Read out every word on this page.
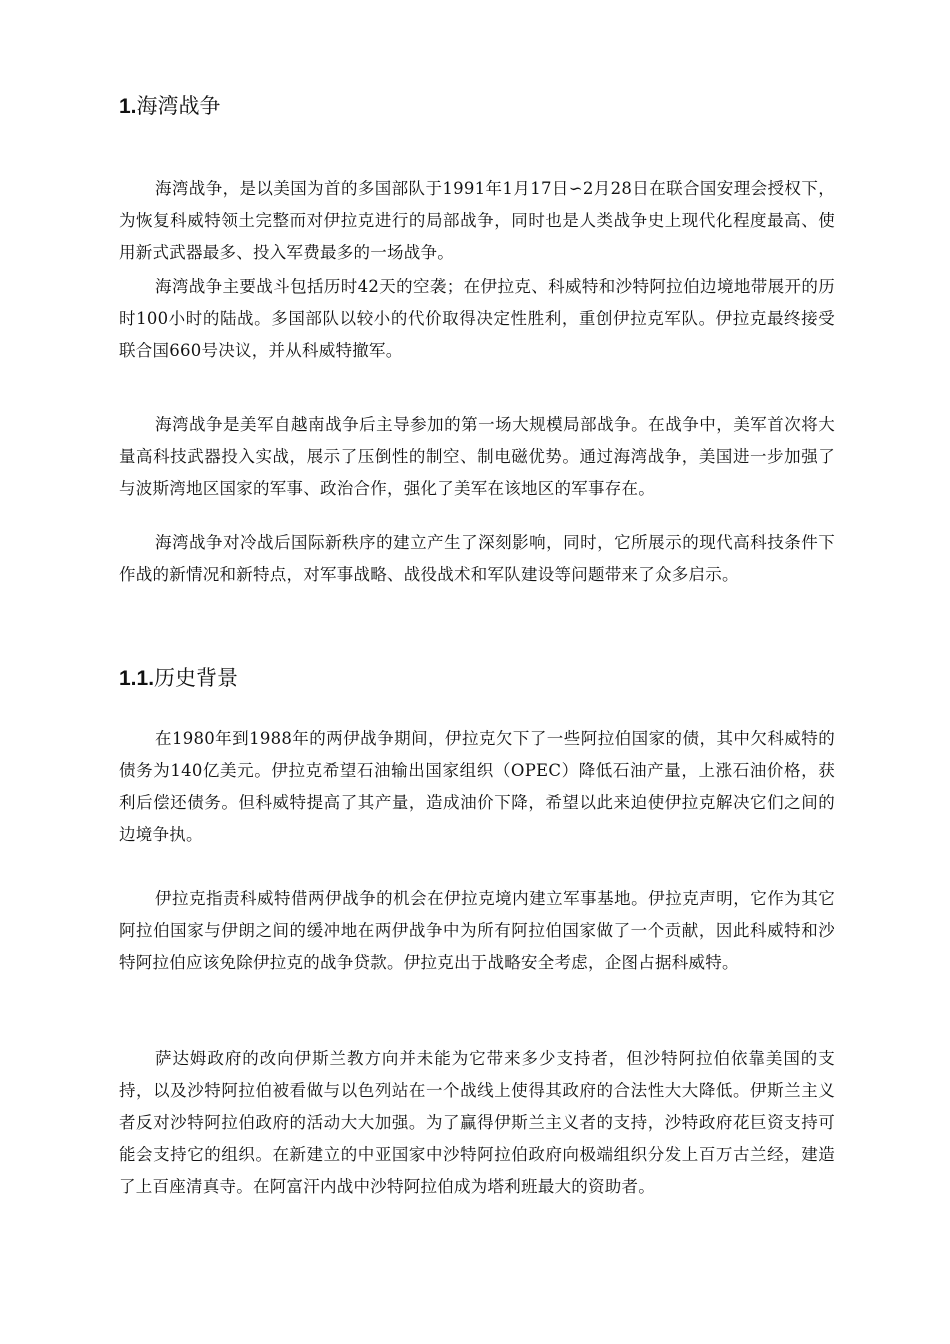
1.海湾战争

海湾战争，是以美国为首的多国部队于1991年1月17日∽2月28日在联合国安理会授权下，为恢复科威特领土完整而对伊拉克进行的局部战争，同时也是人类战争史上现代化程度最高、使用新式武器最多、投入军费最多的一场战争。

海湾战争主要战斗包括历时42天的空袭；在伊拉克、科威特和沙特阿拉伯边境地带展开的历时100小时的陆战。多国部队以较小的代价取得决定性胜利，重创伊拉克军队。伊拉克最终接受联合国660号决议，并从科威特撤军。

海湾战争是美军自越南战争后主导参加的第一场大规模局部战争。在战争中，美军首次将大量高科技武器投入实战，展示了压倒性的制空、制电磁优势。通过海湾战争，美国进一步加强了与波斯湾地区国家的军事、政治合作，强化了美军在该地区的军事存在。

海湾战争对冷战后国际新秩序的建立产生了深刻影响，同时，它所展示的现代高科技条件下作战的新情况和新特点，对军事战略、战役战术和军队建设等问题带来了众多启示。

1.1.历史背景

在1980年到1988年的两伊战争期间，伊拉克欠下了一些阿拉伯国家的债，其中欠科威特的债务为140亿美元。伊拉克希望石油输出国家组织（OPEC）降低石油产量，上涨石油价格，获利后偿还债务。但科威特提高了其产量，造成油价下降，希望以此来迫使伊拉克解决它们之间的边境争执。

伊拉克指责科威特借两伊战争的机会在伊拉克境内建立军事基地。伊拉克声明，它作为其它阿拉伯国家与伊朗之间的缓冲地在两伊战争中为所有阿拉伯国家做了一个贡献，因此科威特和沙特阿拉伯应该免除伊拉克的战争贷款。伊拉克出于战略安全考虑，企图占据科威特。

萨达姆政府的改向伊斯兰教方向并未能为它带来多少支持者，但沙特阿拉伯依靠美国的支持，以及沙特阿拉伯被看做与以色列站在一个战线上使得其政府的合法性大大降低。伊斯兰主义者反对沙特阿拉伯政府的活动大大加强。为了赢得伊斯兰主义者的支持，沙特政府花巨资支持可能会支持它的组织。在新建立的中亚国家中沙特阿拉伯政府向极端组织分发上百万古兰经，建造了上百座清真寺。在阿富汗内战中沙特阿拉伯成为塔利班最大的资助者。
